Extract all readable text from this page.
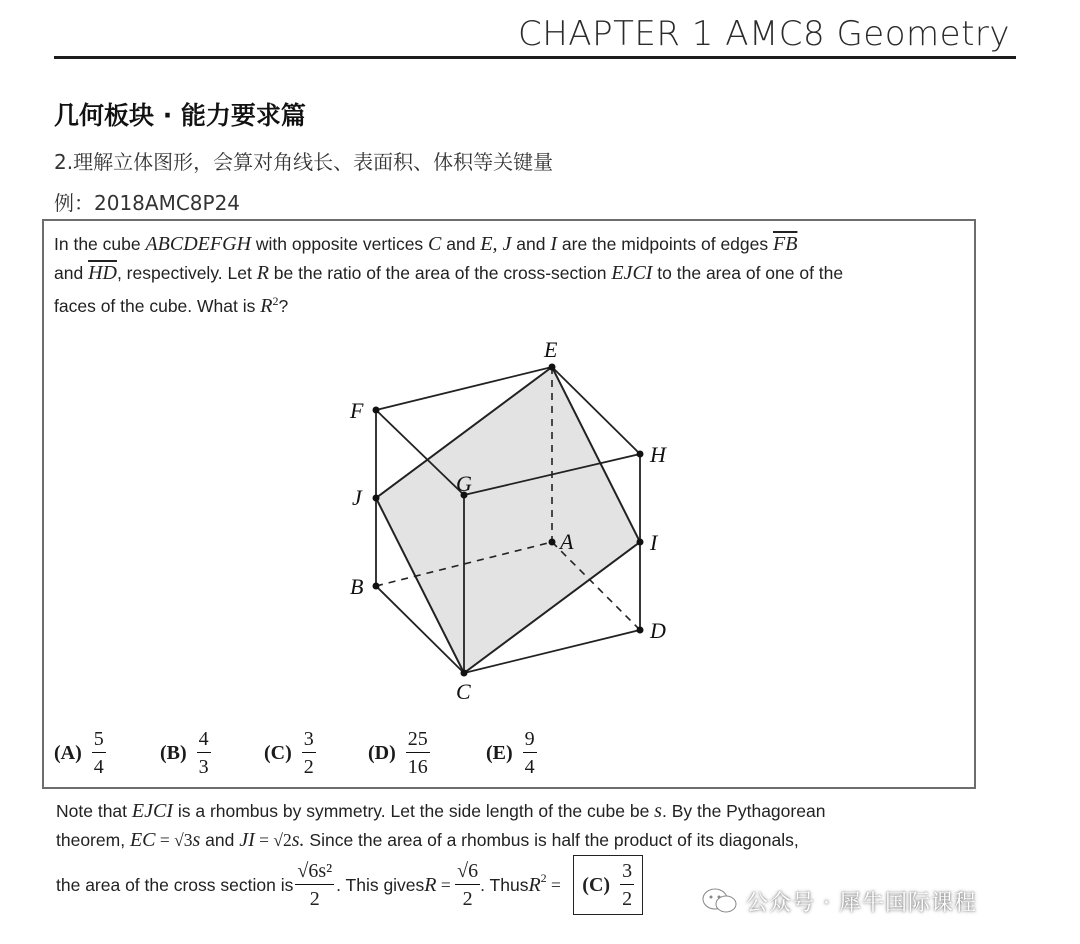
CHAPTER 1 AMC8 Geometry
几何板块 · 能力要求篇
2.理解立体图形，会算对角线长、表面积、体积等关键量
例：2018AMC8P24
In the cube ABCDEFGH with opposite vertices C and E, J and I are the midpoints of edges $\overline{FB}$
and $\overline{HD}$, respectively. Let R be the ratio of the area of the cross-section EJCI to the area of one of the
faces of the cube. What is $R^2$?
E
F
H
G
J
A	I
B
D
C
$(A) \frac{5}{4}$	$(B) \frac{4}{3}$	$(C) \frac{3}{2}$	$(D) \frac{25}{16}$	$(E) \frac{9}{4}$
Note that EJCI is a rhombus by symmetry. Let the side length of the cube be s. By the Pythagorean
theorem, EC = √3s and JI = √2s. Since the area of a rhombus is half the product of its diagonals,
the area of the cross section is $\frac{\text{√6s²}}{2}$ . This gives $R = \frac{√6}{2}$ . Thus $R^2 = (C) \frac{3}{2}$	公众号 · 犀牛国际课程
